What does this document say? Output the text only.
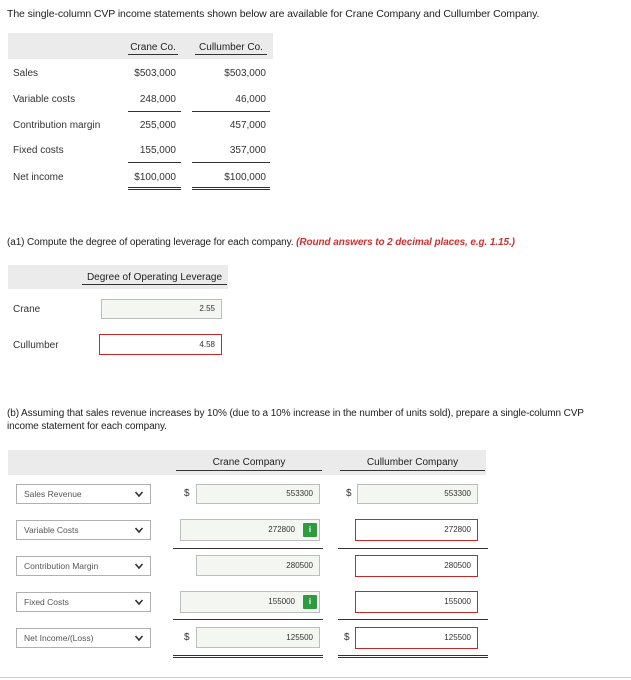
The single-column CVP income statements shown below are available for Crane Company and Cullumber Company.
Crane Co.	Cullumber Co.
Sales	$503,000	$503,000
Variable costs	248,000	46,000
Contribution margin	255,000	457,000
Fixed costs	155,000	357,000
Net income	$100,000	$100,000
(a1) Compute the degree of operating leverage for each company. (Round answers to 2 decimal places, e.g. 1.15.)
Degree of Operating Leverage
Crane	2.55
Cullumber	4.58
(b) Assuming that sales revenue increases by 10% (due to a 10% increase in the number of units sold), prepare a single-column CVP
income statement for each company.
Crane Company	Cullumber Company
Sales Revenue	$	553300	$	553300
Variable Costs	272800	i	272800
Contribution Margin	280500	280500
Fixed Costs	155000	i	155000
Net Income/(Loss)	$	125500	$	125500
